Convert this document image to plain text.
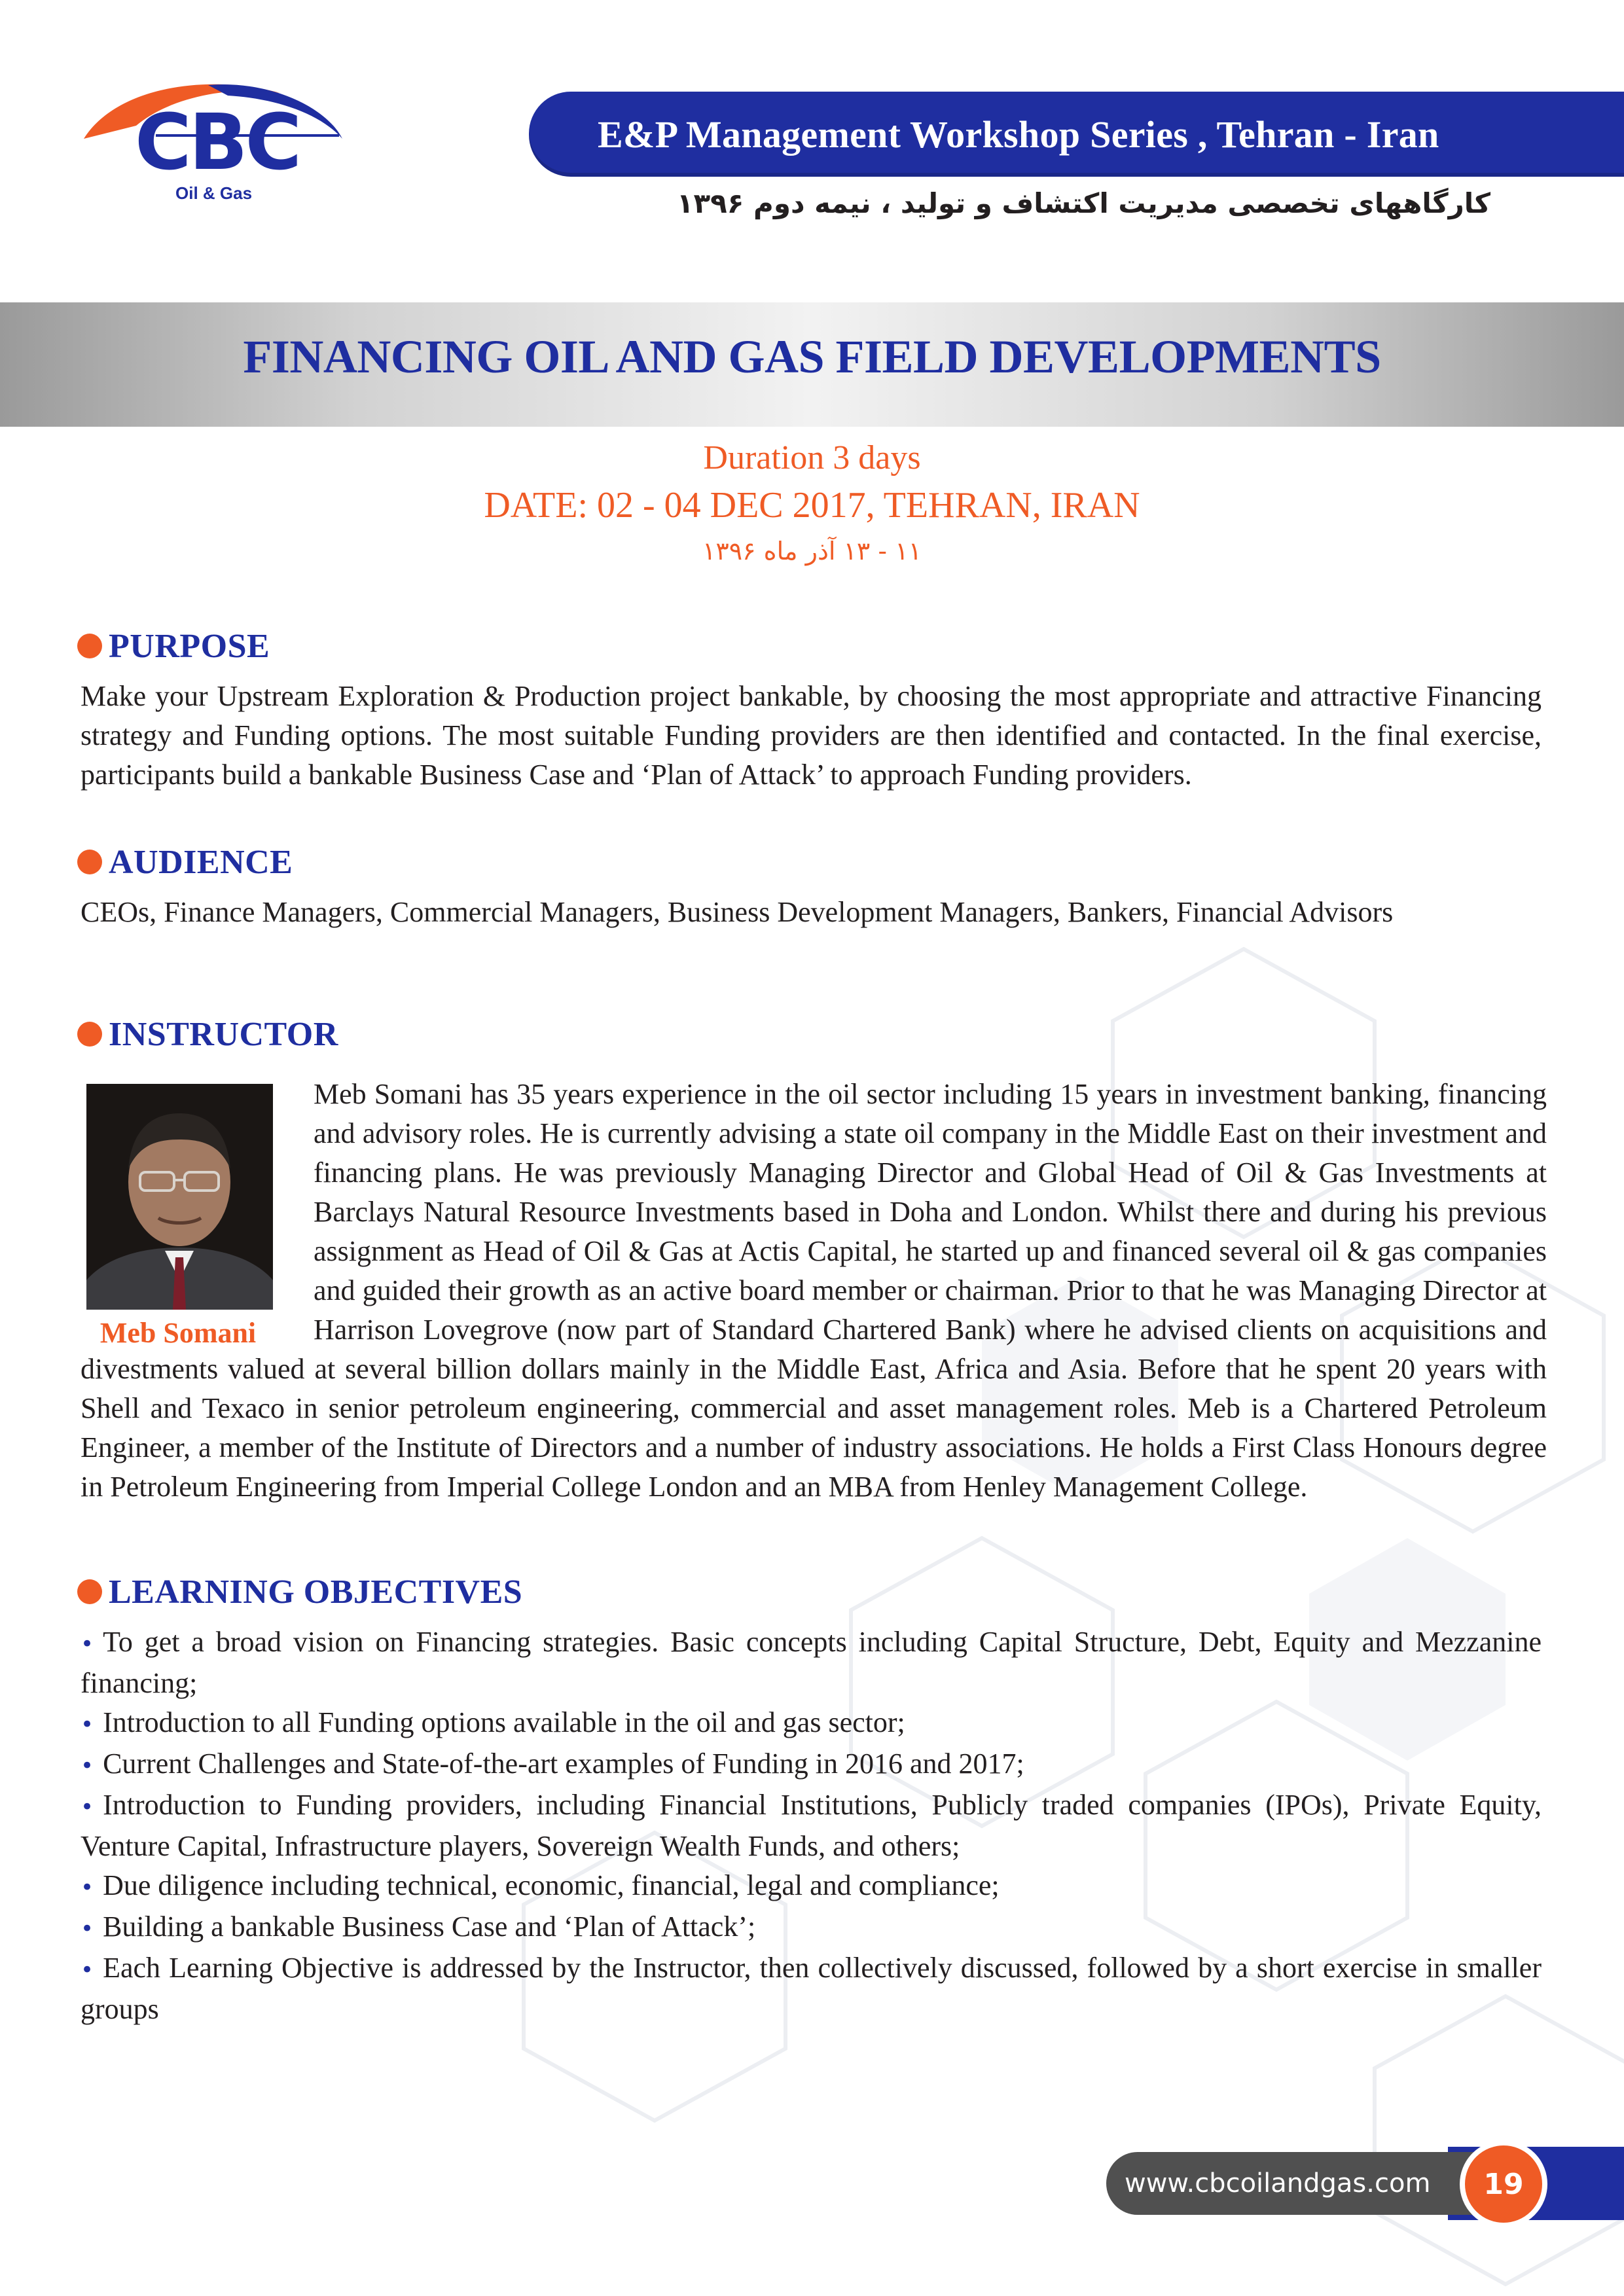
CBC
Oil & Gas
E&P Management Workshop Series , Tehran - Iran
کارگاههای تخصصی مدیریت اکتشاف و تولید ، نیمه دوم ۱۳۹۶
FINANCING OIL AND GAS FIELD DEVELOPMENTS
Duration 3 days
DATE: 02 - 04 DEC 2017, TEHRAN, IRAN
۱۱ - ۱۳ آذر ماه ۱۳۹۶
PURPOSE
Make your Upstream Exploration & Production project bankable, by choosing the most appropriate and attractive Financing strategy and Funding options. The most suitable Funding providers are then identified and contacted. In the final exercise, participants build a bankable Business Case and ‘Plan of Attack’ to approach Funding providers.
AUDIENCE
CEOs, Finance Managers, Commercial Managers, Business Development Managers, Bankers, Financial Advisors
INSTRUCTOR
Meb Somani has 35 years experience in the oil sector including 15 years in investment banking, financing and advisory roles. He is currently advising a state oil company in the Middle East on their investment and financing plans. He was previously Managing Director and Global Head of Oil & Gas Investments at Barclays Natural Resource Investments based in Doha and London. Whilst there and during his previous assignment as Head of Oil & Gas at Actis Capital, he started up and financed several oil & gas companies and guided their growth as an active board member or chairman. Prior to that he was Managing Director at Harrison Lovegrove (now part of Standard Chartered Bank) where he advised clients on acquisitions and divestments valued at several billion dollars mainly in the Middle East, Africa and Asia. Before that he spent 20 years with Shell and Texaco in senior petroleum engineering, commercial and asset management roles. Meb is a Chartered Petroleum Engineer, a member of the Institute of Directors and a number of industry associations. He holds a First Class Honours degree in Petroleum Engineering from Imperial College London and an MBA from Henley Management College.
Meb Somani
LEARNING OBJECTIVES
• To get a broad vision on Financing strategies. Basic concepts including Capital Structure, Debt, Equity and Mezzanine financing;
• Introduction to all Funding options available in the oil and gas sector;
• Current Challenges and State-of-the-art examples of Funding in 2016 and 2017;
• Introduction to Funding providers, including Financial Institutions, Publicly traded companies (IPOs), Private Equity, Venture Capital, Infrastructure players, Sovereign Wealth Funds, and others;
• Due diligence including technical, economic, financial, legal and compliance;
• Building a bankable Business Case and ‘Plan of Attack’;
• Each Learning Objective is addressed by the Instructor, then collectively discussed, followed by a short exercise in smaller groups
www.cbcoilandgas.com 19
